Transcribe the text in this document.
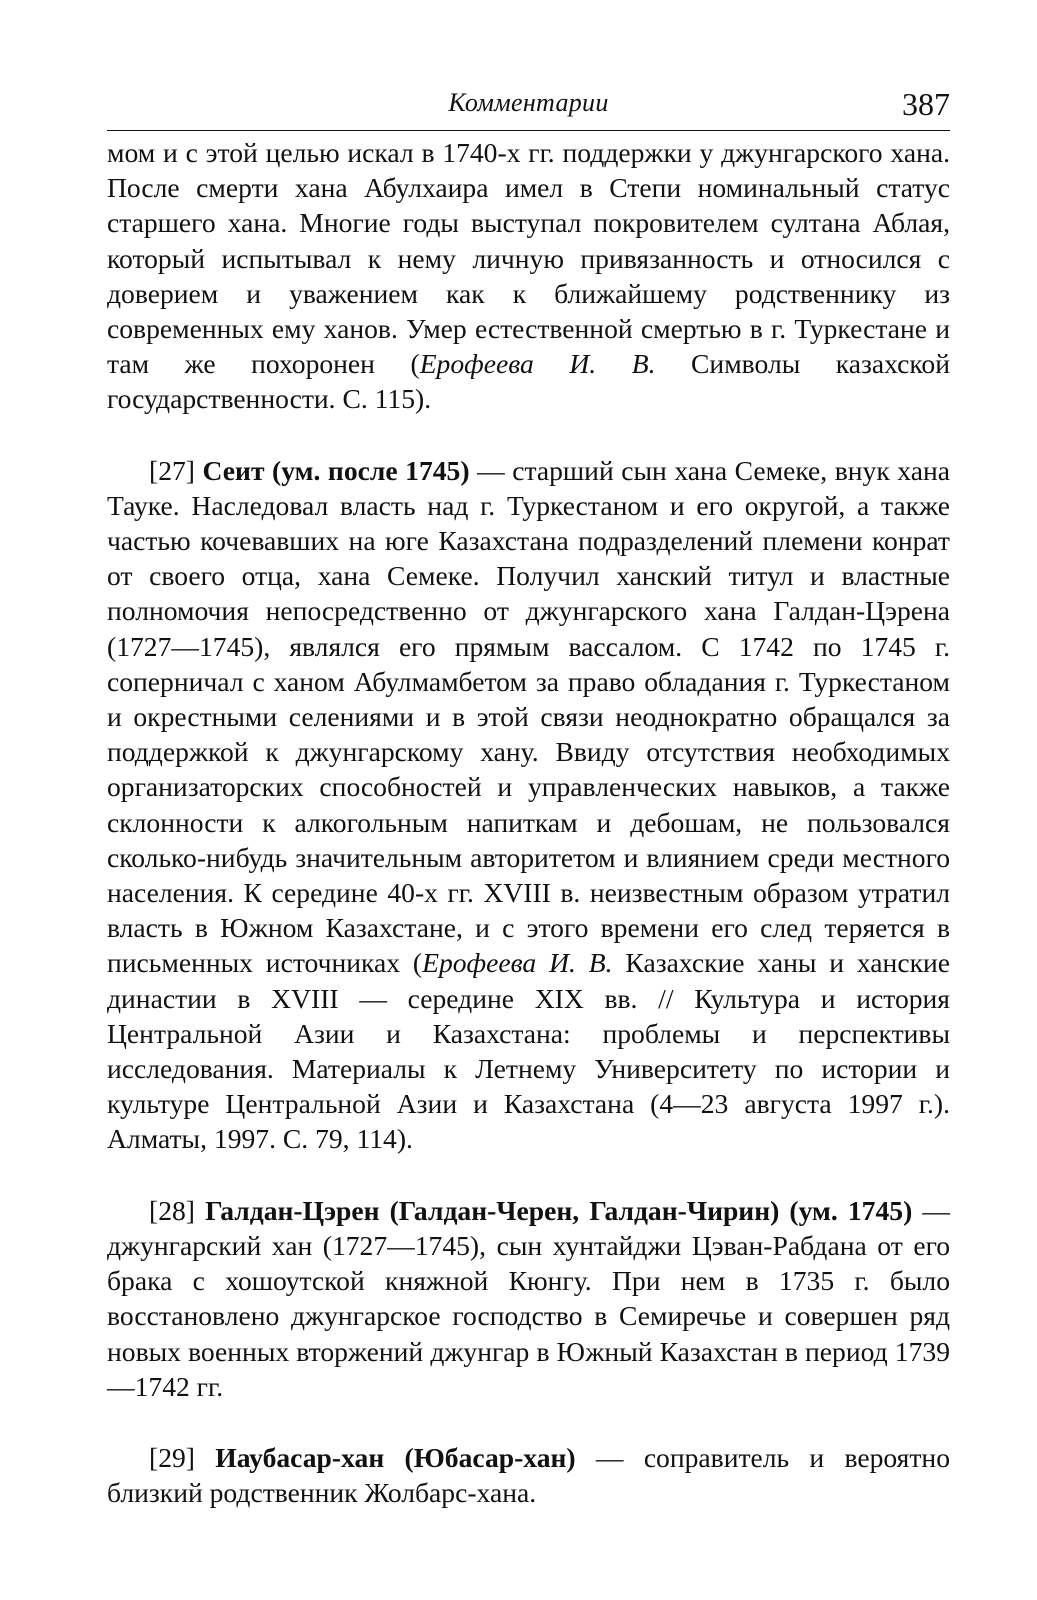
Комментарии	387

мом и с этой целью искал в 1740-х гг. поддержки у джунгарского хана. После смерти хана Абулхаира имел в Степи номинальный статус старшего хана. Многие годы выступал покровителем султана Аблая, который испытывал к нему личную привязанность и относился с доверием и уважением как к ближайшему родственнику из современных ему ханов. Умер естественной смертью в г. Туркестане и там же похоронен (Ерофеева И. В. Символы казахской государственности. С. 115).

[27] Сеит (ум. после 1745) — старший сын хана Семеке, внук хана Тауке. Наследовал власть над г. Туркестаном и его округой, а также частью кочевавших на юге Казахстана подразделений племени конрат от своего отца, хана Семеке. Получил ханский титул и властные полномочия непосредственно от джунгарского хана Галдан-Цэрена (1727—1745), являлся его прямым вассалом. С 1742 по 1745 г. соперничал с ханом Абулмамбетом за право обладания г. Туркестаном и окрестными селениями и в этой связи неоднократно обращался за поддержкой к джунгарскому хану. Ввиду отсутствия необходимых организаторских способностей и управленческих навыков, а также склонности к алкогольным напиткам и дебошам, не пользовался сколько-нибудь значительным авторитетом и влиянием среди местного населения. К середине 40-х гг. XVIII в. неизвестным образом утратил власть в Южном Казахстане, и с этого времени его след теряется в письменных источниках (Ерофеева И. В. Казахские ханы и ханские династии в XVIII — середине XIX вв. // Культура и история Центральной Азии и Казахстана: проблемы и перспективы исследования. Материалы к Летнему Университету по истории и культуре Центральной Азии и Казахстана (4—23 августа 1997 г.). Алматы, 1997. С. 79, 114).

[28] Галдан-Цэрен (Галдан-Черен, Галдан-Чирин) (ум. 1745) — джунгарский хан (1727—1745), сын хунтайджи Цэван-Рабдана от его брака с хошоутской княжной Кюнгу. При нем в 1735 г. было восстановлено джунгарское господство в Семиречье и совершен ряд новых военных вторжений джунгар в Южный Казахстан в период 1739—1742 гг.

[29] Иаубасар-хан (Юбасар-хан) — соправитель и вероятно близкий родственник Жолбарс-хана.
